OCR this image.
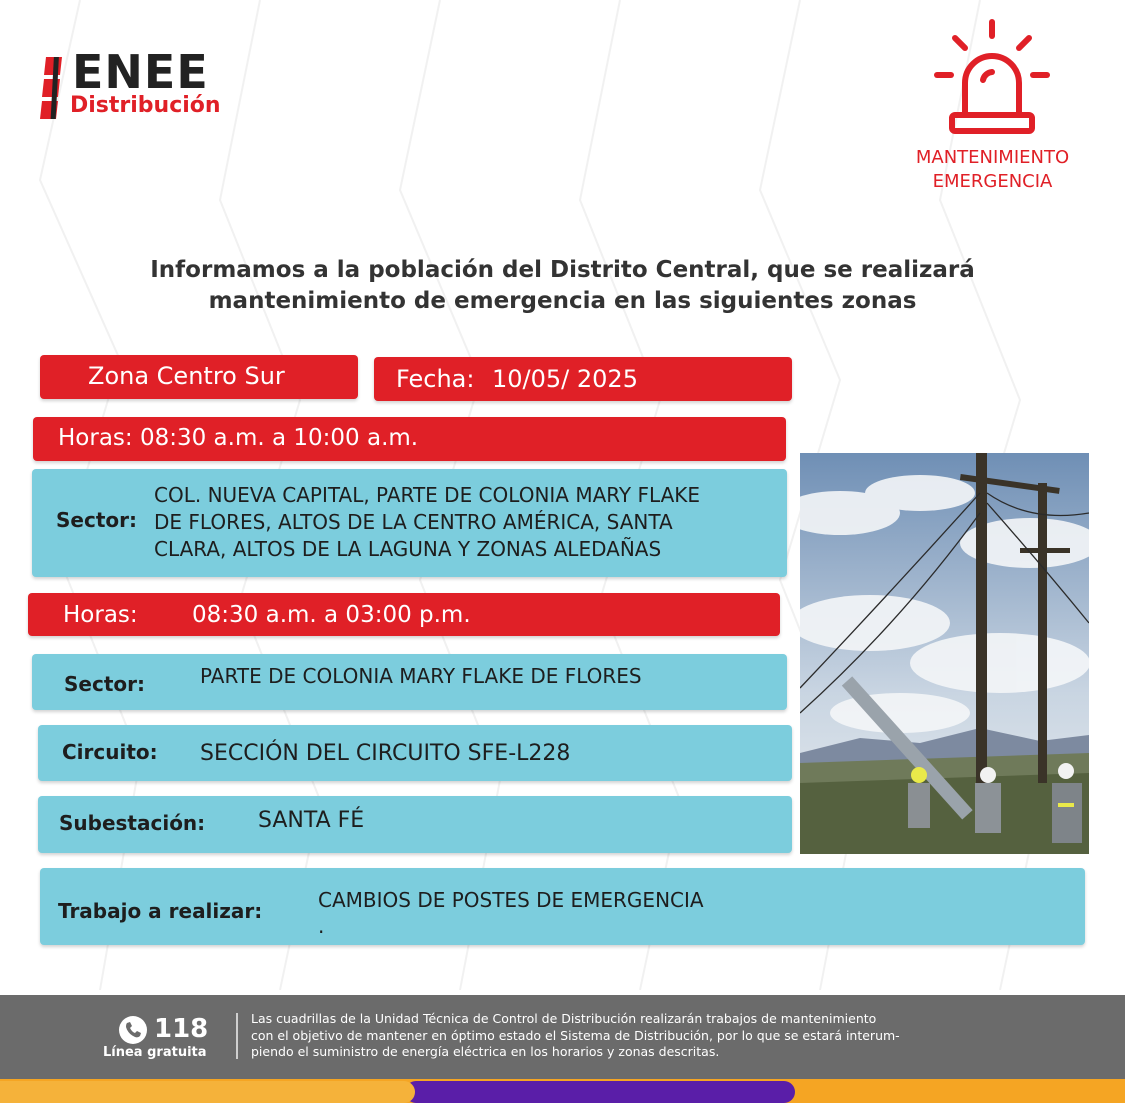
ENEE
Distribución
MANTENIMIENTO
EMERGENCIA
Informamos a la población del Distrito Central, que se realizará
mantenimiento de emergencia en las siguientes zonas
Zona Centro Sur	Fecha: 10/05/ 2025
Horas: 08:30 a.m. a 10:00 a.m.
Sector:
COL. NUEVA CAPITAL, PARTE DE COLONIA MARY FLAKE
DE FLORES, ALTOS DE LA CENTRO AMÉRICA, SANTA
CLARA, ALTOS DE LA LAGUNA Y ZONAS ALEDAÑAS
Horas: 08:30 a.m. a 03:00 p.m.
Sector:	PARTE DE COLONIA MARY FLAKE DE FLORES
Circuito: SECCIÓN DEL CIRCUITO SFE-L228
Subestación: SANTA FÉ
Trabajo a realizar:	CAMBIOS DE POSTES DE EMERGENCIA
.
118
Línea gratuita
Las cuadrillas de la Unidad Técnica de Control de Distribución realizarán trabajos de mantenimiento
con el objetivo de mantener en óptimo estado el Sistema de Distribución, por lo que se estará interum-
piendo el suministro de energía eléctrica en los horarios y zonas descritas.
